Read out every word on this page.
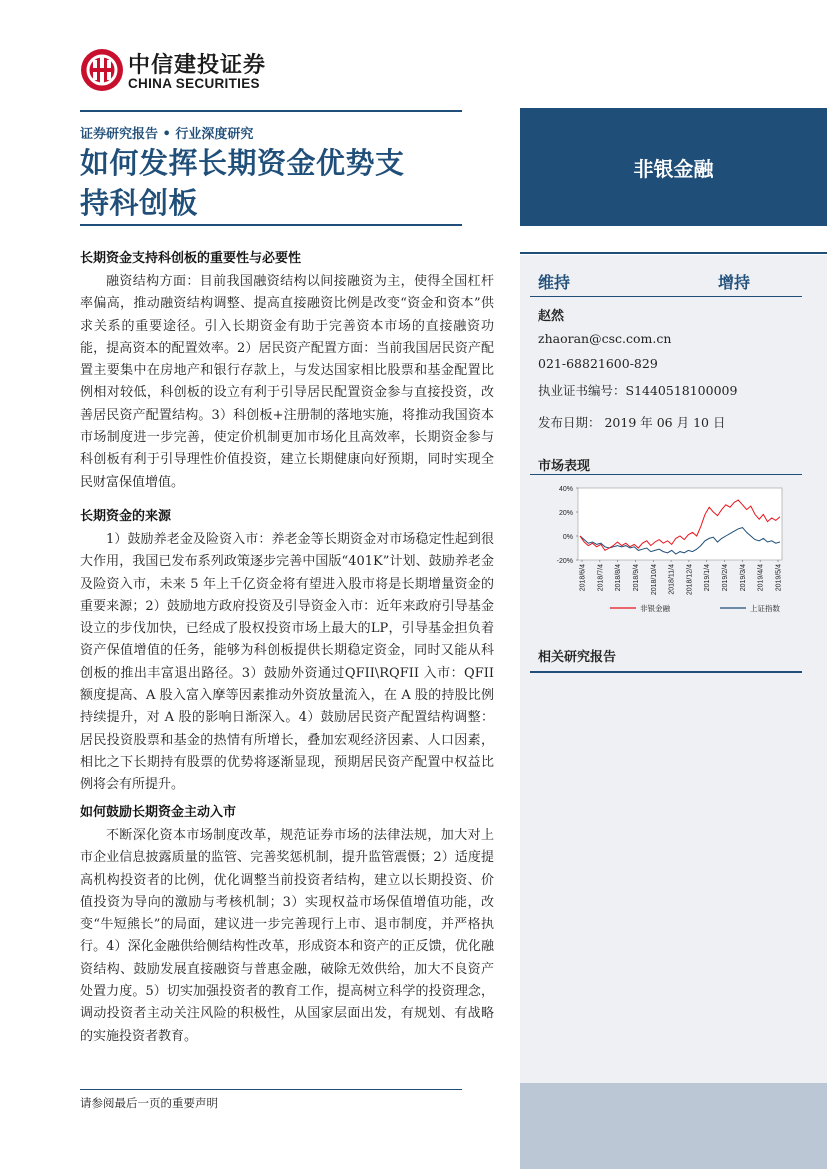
中信建投证券
CHINA SECURITIES
证券研究报告 • 行业深度研究
如何发挥长期资金优势支
持科创板
非银金融
维持	增持
赵然
zhaoran@csc.com.cn
021-68821600-829
执业证书编号：S1440518100009
发布日期： 2019 年 06 月 10 日
市场表现
40%
20%
0%
-20%
2018/6/4 2018/7/4 2018/8/4 2018/9/4 2018/10/4 2018/11/4 2018/12/4 2019/1/4 2019/2/4 2019/3/4 2019/4/4 2019/5/4
非银金融	上证指数
相关研究报告
长期资金支持科创板的重要性与必要性

融资结构方面：目前我国融资结构以间接融资为主，使得全国杠杆率偏高，推动融资结构调整、提高直接融资比例是改变“资金和资本”供求关系的重要途径。引入长期资金有助于完善资本市场的直接融资功能，提高资本的配置效率。2）居民资产配置方面：当前我国居民资产配置主要集中在房地产和银行存款上，与发达国家相比股票和基金配置比例相对较低，科创板的设立有利于引导居民配置资金参与直接投资，改善居民资产配置结构。3）科创板+注册制的落地实施，将推动我国资本市场制度进一步完善，使定价机制更加市场化且高效率，长期资金参与科创板有利于引导理性价值投资，建立长期健康向好预期，同时实现全民财富保值增值。

长期资金的来源

1）鼓励养老金及险资入市：养老金等长期资金对市场稳定性起到很大作用，我国已发布系列政策逐步完善中国版“401K”计划、鼓励养老金及险资入市，未来 5 年上千亿资金将有望进入股市将是长期增量资金的重要来源；2）鼓励地方政府投资及引导资金入市：近年来政府引导基金设立的步伐加快，已经成了股权投资市场上最大的LP，引导基金担负着资产保值增值的任务，能够为科创板提供长期稳定资金，同时又能从科创板的推出丰富退出路径。3）鼓励外资通过QFII\RQFII 入市：QFII 额度提高、A 股入富入摩等因素推动外资放量流入，在 A 股的持股比例持续提升，对 A 股的影响日渐深入。4）鼓励居民资产配置结构调整：居民投资股票和基金的热情有所增长，叠加宏观经济因素、人口因素，相比之下长期持有股票的优势将逐渐显现，预期居民资产配置中权益比例将会有所提升。

如何鼓励长期资金主动入市

不断深化资本市场制度改革，规范证券市场的法律法规，加大对上市企业信息披露质量的监管、完善奖惩机制，提升监管震慑；2）适度提高机构投资者的比例，优化调整当前投资者结构，建立以长期投资、价值投资为导向的激励与考核机制；3）实现权益市场保值增值功能，改变“牛短熊长”的局面，建议进一步完善现行上市、退市制度，并严格执行。4）深化金融供给侧结构性改革，形成资本和资产的正反馈，优化融资结构、鼓励发展直接融资与普惠金融，破除无效供给，加大不良资产处置力度。5）切实加强投资者的教育工作，提高树立科学的投资理念，调动投资者主动关注风险的积极性，从国家层面出发，有规划、有战略的实施投资者教育。

请参阅最后一页的重要声明
